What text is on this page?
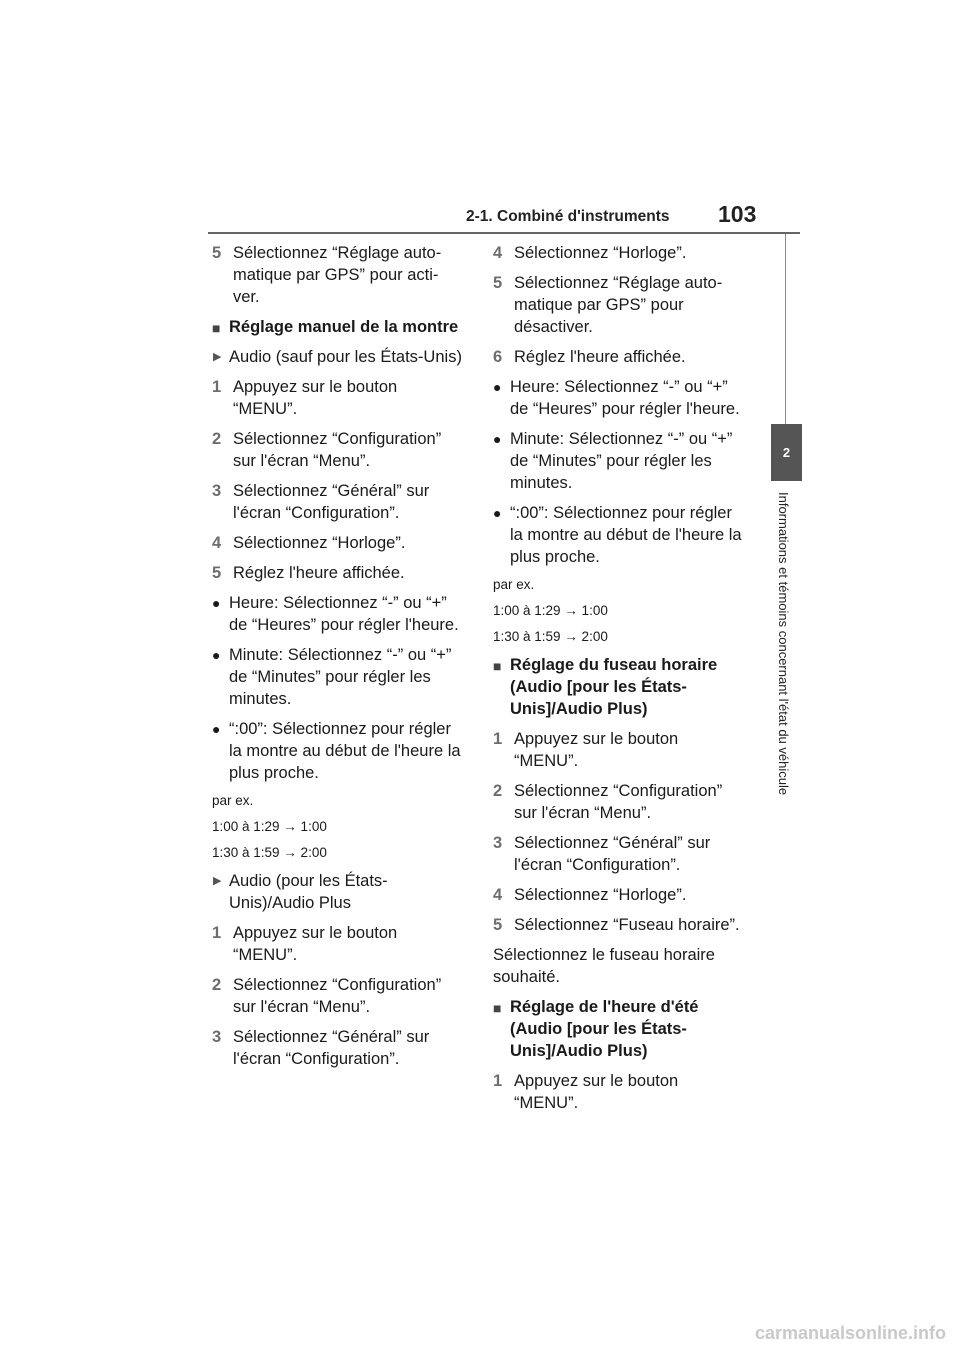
2-1. Combiné d'instruments 103
2
Informations et témoins concernant l'état du véhicule
5 Sélectionnez “Réglage auto-matique par GPS” pour acti-ver.
■ Réglage manuel de la montre
▶ Audio (sauf pour les États-Unis)
1 Appuyez sur le bouton “MENU”.
2 Sélectionnez “Configuration” sur l'écran “Menu”.
3 Sélectionnez “Général” sur l'écran “Configuration”.
4 Sélectionnez “Horloge”.
5 Réglez l'heure affichée.
● Heure: Sélectionnez “-” ou “+” de “Heures” pour régler l'heure.
● Minute: Sélectionnez “-” ou “+” de “Minutes” pour régler les minutes.
● “:00”: Sélectionnez pour régler la montre au début de l'heure la plus proche.
par ex.
1:00 à 1:29 → 1:00
1:30 à 1:59 → 2:00
▶ Audio (pour les États-Unis)/Audio Plus
1 Appuyez sur le bouton “MENU”.
2 Sélectionnez “Configuration” sur l'écran “Menu”.
3 Sélectionnez “Général” sur l'écran “Configuration”.
4 Sélectionnez “Horloge”.
5 Sélectionnez “Réglage auto-matique par GPS” pour désactiver.
6 Réglez l'heure affichée.
● Heure: Sélectionnez “-” ou “+” de “Heures” pour régler l'heure.
● Minute: Sélectionnez “-” ou “+” de “Minutes” pour régler les minutes.
● “:00”: Sélectionnez pour régler la montre au début de l'heure la plus proche.
par ex.
1:00 à 1:29 → 1:00
1:30 à 1:59 → 2:00
■ Réglage du fuseau horaire (Audio [pour les États-Unis]/Audio Plus)
1 Appuyez sur le bouton “MENU”.
2 Sélectionnez “Configuration” sur l'écran “Menu”.
3 Sélectionnez “Général” sur l'écran “Configuration”.
4 Sélectionnez “Horloge”.
5 Sélectionnez “Fuseau horaire”.
Sélectionnez le fuseau horaire souhaité.
■ Réglage de l'heure d'été (Audio [pour les États-Unis]/Audio Plus)
1 Appuyez sur le bouton “MENU”.
carmanualsonline.info
